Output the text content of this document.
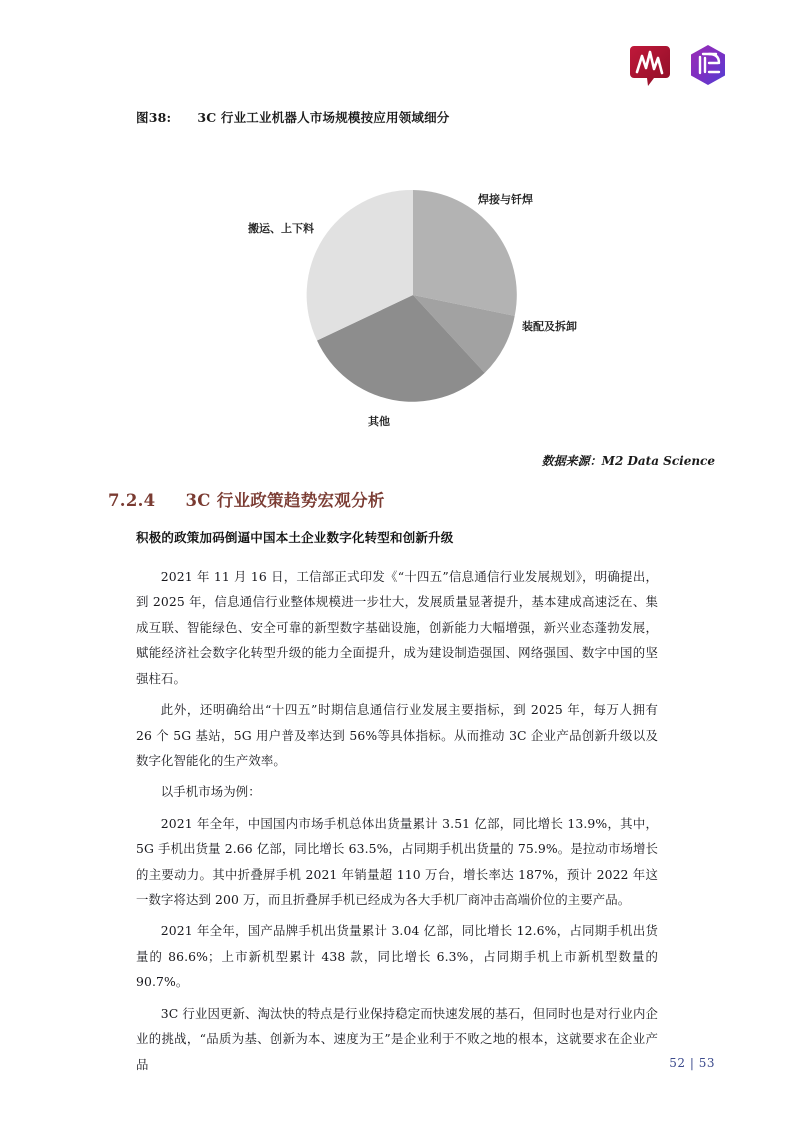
图38: 3C 行业工业机器人市场规模按应用领域细分
焊接与钎焊
装配及拆卸
其他
搬运、上下料
数据来源：M2 Data Science
7.2.4 3C 行业政策趋势宏观分析

积极的政策加码倒逼中国本土企业数字化转型和创新升级

2021 年 11 月 16 日，工信部正式印发《“十四五”信息通信行业发展规划》，明确提出，到 2025 年，信息通信行业整体规模进一步壮大，发展质量显著提升，基本建成高速泛在、集成互联、智能绿色、安全可靠的新型数字基础设施，创新能力大幅增强，新兴业态蓬勃发展，赋能经济社会数字化转型升级的能力全面提升，成为建设制造强国、网络强国、数字中国的坚强柱石。

此外，还明确给出“十四五”时期信息通信行业发展主要指标，到 2025 年，每万人拥有 26 个 5G 基站，5G 用户普及率达到 56%等具体指标。从而推动 3C 企业产品创新升级以及数字化智能化的生产效率。

以手机市场为例：

2021 年全年，中国国内市场手机总体出货量累计 3.51 亿部，同比增长 13.9%，其中，5G 手机出货量 2.66 亿部，同比增长 63.5%，占同期手机出货量的 75.9%。是拉动市场增长的主要动力。其中折叠屏手机 2021 年销量超 110 万台，增长率达 187%，预计 2022 年这一数字将达到 200 万，而且折叠屏手机已经成为各大手机厂商冲击高端价位的主要产品。

2021 年全年，国产品牌手机出货量累计 3.04 亿部，同比增长 12.6%，占同期手机出货量的 86.6%；上市新机型累计 438 款，同比增长 6.3%，占同期手机上市新机型数量的 90.7%。

3C 行业因更新、淘汰快的特点是行业保持稳定而快速发展的基石，但同时也是对行业内企业的挑战，“品质为基、创新为本、速度为王”是企业利于不败之地的根本，这就要求在企业产品	52 | 53
